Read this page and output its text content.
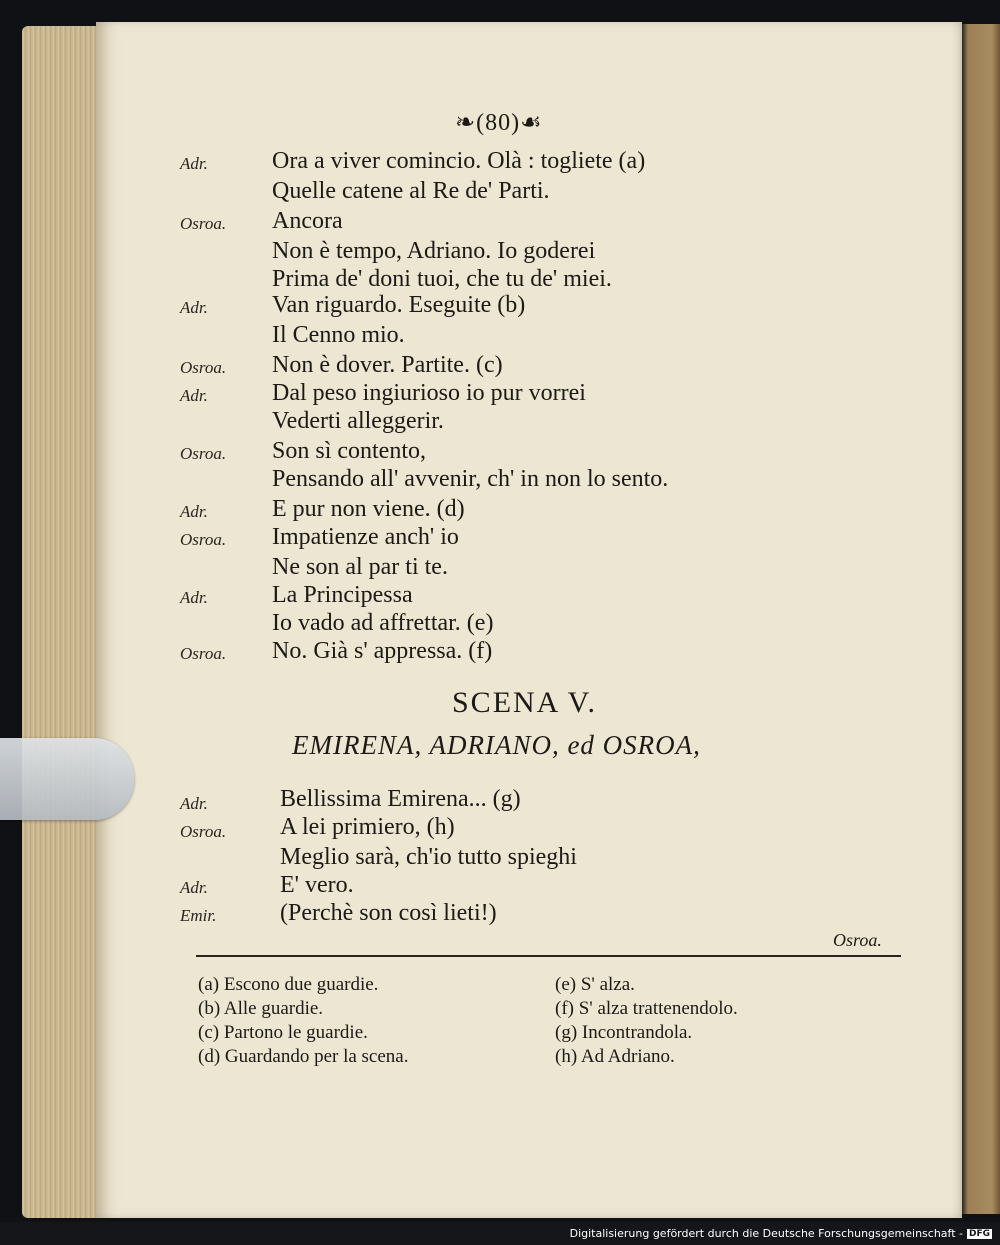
❧(80)☙
Adr.	Ora a viver comincio. Olà : togliete (a)
Quelle catene al Re de' Parti.
Osroa.	Ancora
Non è tempo, Adriano. Io goderei
Prima de' doni tuoi, che tu de' miei.
Adr.	Van riguardo. Eseguite (b)
Il Cenno mio.
Osroa.	Non è dover. Partite. (c)
Adr.	Dal peso ingiurioso io pur vorrei
Vederti alleggerir.
Osroa.	Son sì contento,
Pensando all' avvenir, ch' in non lo sento.
Adr.	E pur non viene. (d)
Osroa.	Impatienze anch' io
Ne son al par ti te.
Adr.	La Principessa
Io vado ad affrettar. (e)
Osroa.	No. Già s' appressa. (f)
SCENA V.
EMIRENA, ADRIANO, ed OSROA,
Adr.	Bellissima Emirena... (g)
Osroa.	A lei primiero, (h)
Meglio sarà, ch'io tutto spieghi
Adr.	E' vero.
Emir.	(Perchè son così lieti!)
Osroa.
(a) Escono due guardie.
(b) Alle guardie.
(c) Partono le guardie.
(d) Guardando per la scena.
(e) S' alza.
(f) S' alza trattenendolo.
(g) Incontrandola.
(h) Ad Adriano.
Digitalisierung gefördert durch die Deutsche Forschungsgemeinschaft - DFG
